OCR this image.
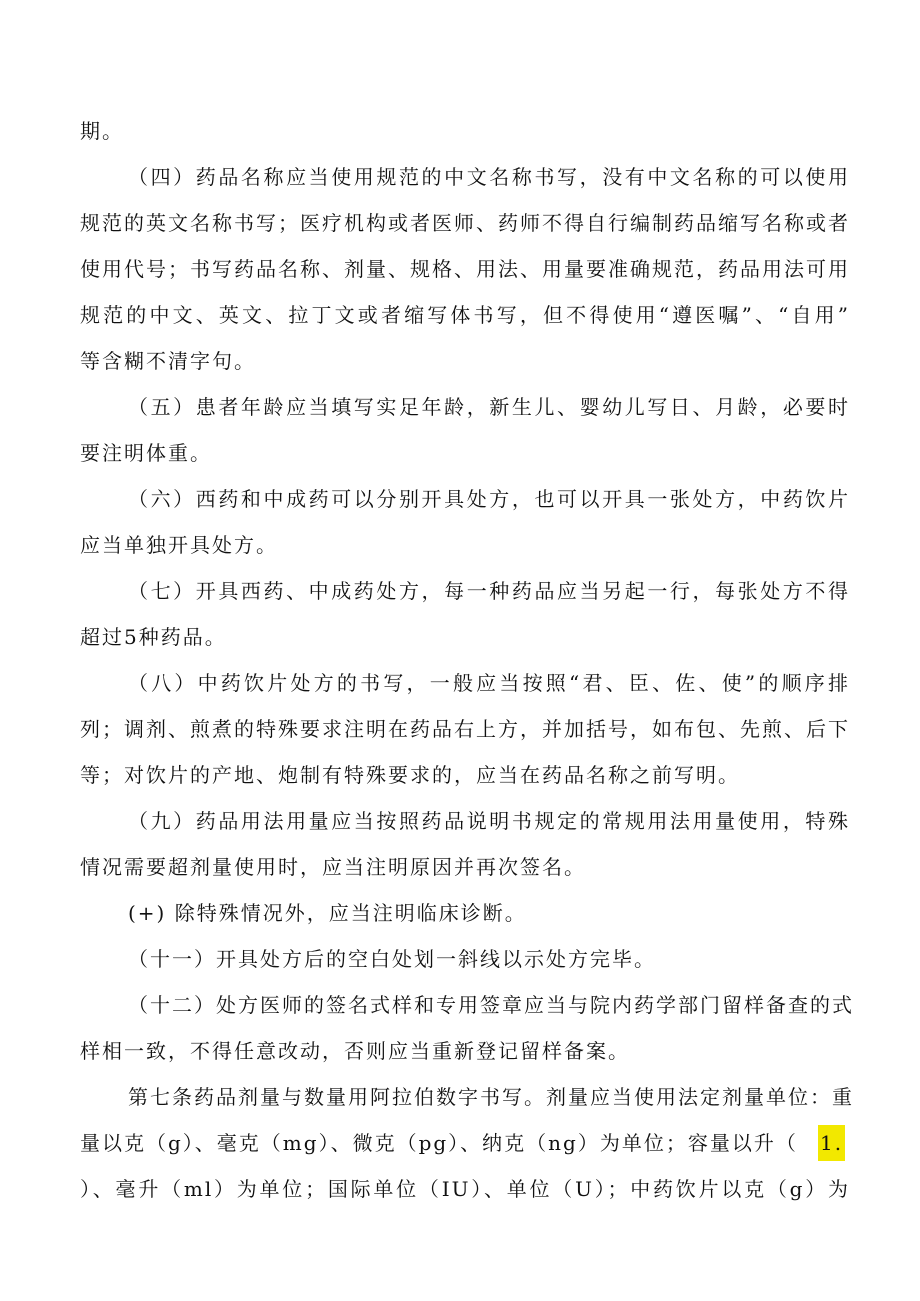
期。
（四）药品名称应当使用规范的中文名称书写，没有中文名称的可以使用
规范的英文名称书写；医疗机构或者医师、药师不得自行编制药品缩写名称或者
使用代号；书写药品名称、剂量、规格、用法、用量要准确规范，药品用法可用
规范的中文、英文、拉丁文或者缩写体书写，但不得使用“遵医嘱”、“自用”
等含糊不清字句。
（五）患者年龄应当填写实足年龄，新生儿、婴幼儿写日、月龄，必要时
要注明体重。
（六）西药和中成药可以分别开具处方，也可以开具一张处方，中药饮片
应当单独开具处方。
（七）开具西药、中成药处方，每一种药品应当另起一行，每张处方不得
超过5种药品。
（八）中药饮片处方的书写，一般应当按照“君、臣、佐、使”的顺序排
列；调剂、煎煮的特殊要求注明在药品右上方，并加括号，如布包、先煎、后下
等；对饮片的产地、炮制有特殊要求的，应当在药品名称之前写明。
（九）药品用法用量应当按照药品说明书规定的常规用法用量使用，特殊
情况需要超剂量使用时，应当注明原因并再次签名。
(+) 除特殊情况外，应当注明临床诊断。
（十一）开具处方后的空白处划一斜线以示处方完毕。
（十二）处方医师的签名式样和专用签章应当与院内药学部门留样备查的式
样相一致，不得任意改动，否则应当重新登记留样备案。
第七条药品剂量与数量用阿拉伯数字书写。剂量应当使用法定剂量单位：重
量以克（g）、毫克（mg）、微克（pg）、纳克（ng）为单位；容量以升（	1.
）、毫升（ml）为单位；国际单位（IU）、单位（U）；中药饮片以克（g）为
